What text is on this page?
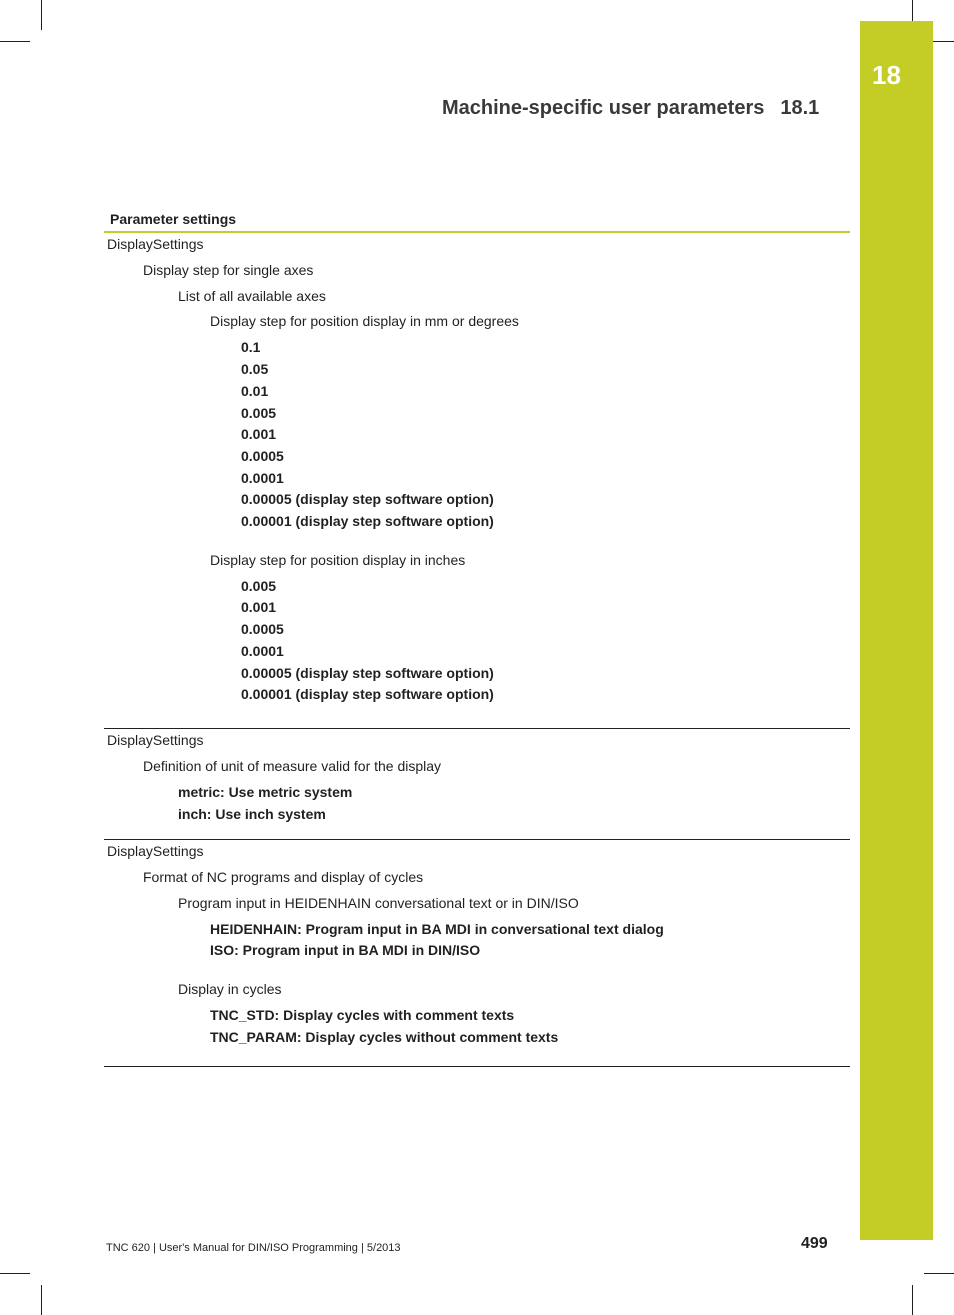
18
Machine-specific user parameters 18.1
Parameter settings
DisplaySettings
Display step for single axes
List of all available axes
Display step for position display in mm or degrees
0.1
0.05
0.01
0.005
0.001
0.0005
0.0001
0.00005 (display step software option)
0.00001 (display step software option)
Display step for position display in inches
0.005
0.001
0.0005
0.0001
0.00005 (display step software option)
0.00001 (display step software option)
DisplaySettings
Definition of unit of measure valid for the display
metric: Use metric system
inch: Use inch system
DisplaySettings
Format of NC programs and display of cycles
Program input in HEIDENHAIN conversational text or in DIN/ISO
HEIDENHAIN: Program input in BA MDI in conversational text dialog
ISO: Program input in BA MDI in DIN/ISO
Display in cycles
TNC_STD: Display cycles with comment texts
TNC_PARAM: Display cycles without comment texts
TNC 620 | User's Manual for DIN/ISO Programming | 5/2013	499
